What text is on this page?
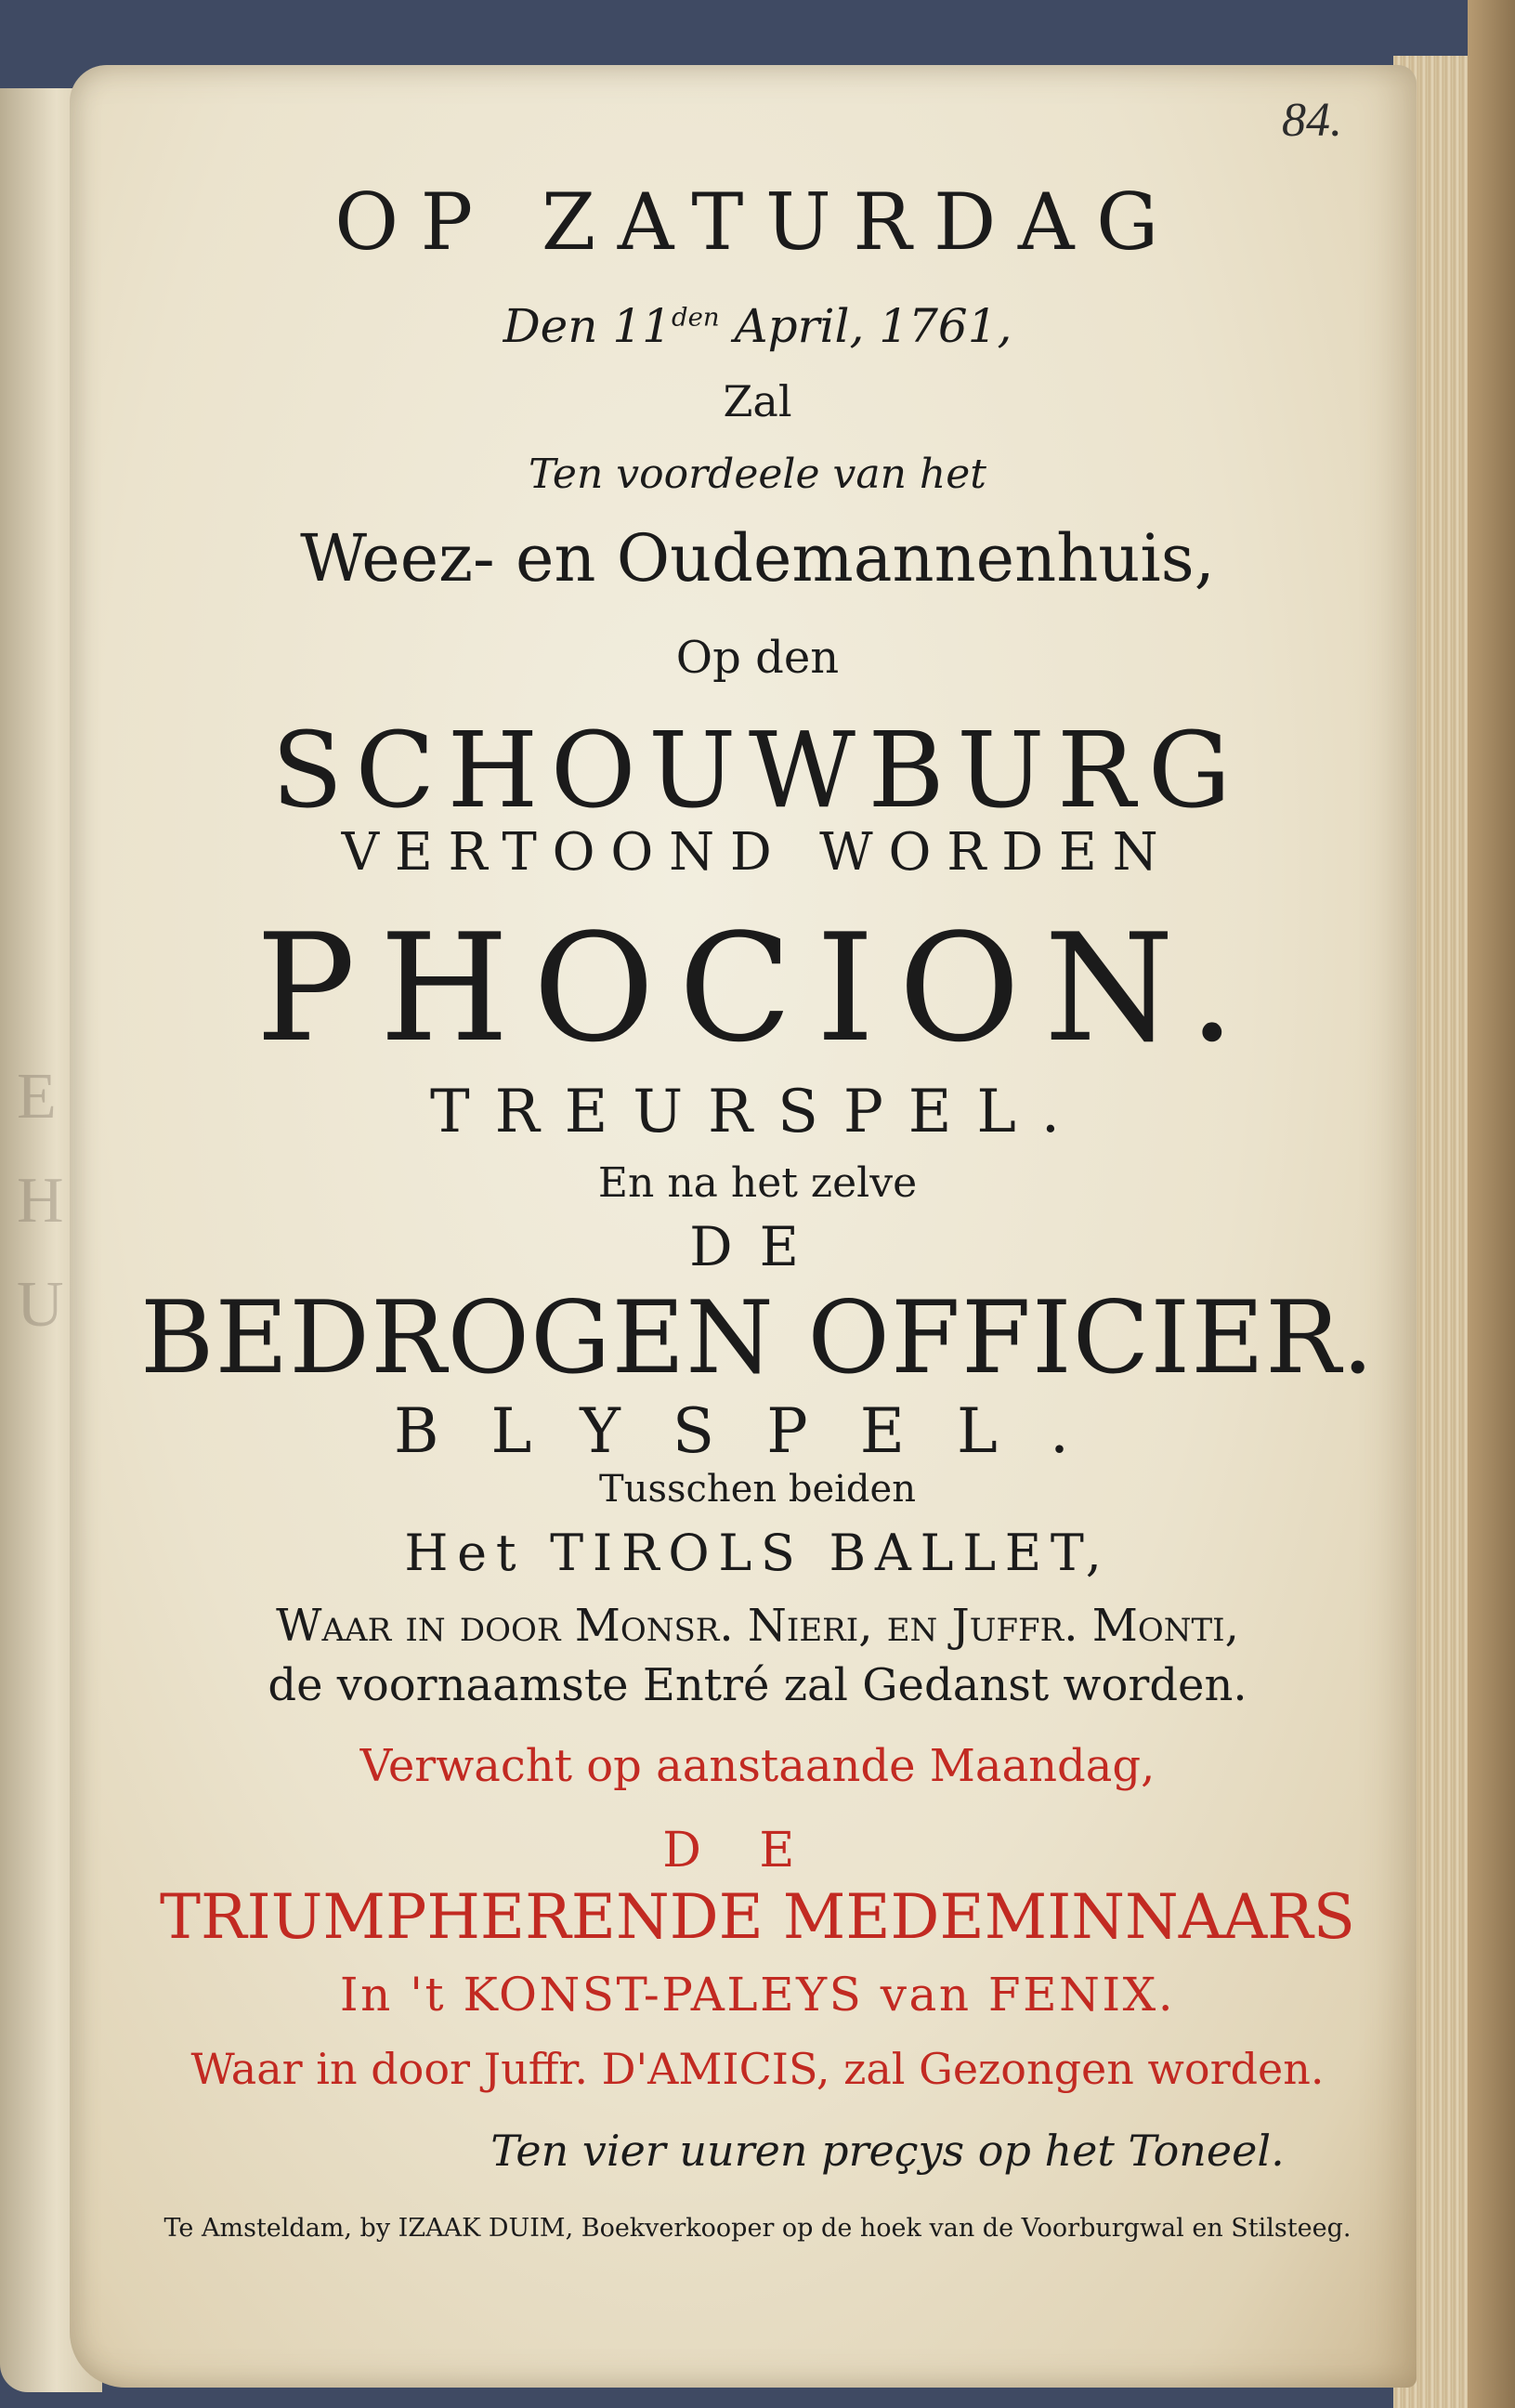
E
H
U
84.
OP ZATURDAG
Den $11^{den}$ April, 1761,
Zal
Ten voordeele van het
Weez- en Oudemannenhuis,
Op den
SCHOUWBURG
VERTOOND WORDEN
PHOCION.
TREURSPEL.
En na het zelve
DE
BEDROGEN OFFICIER.
BLYSPEL.
Tusschen beiden
Het TIROLS BALLET,
Waar in door Monsr. Nieri, en Juffr. Monti,
de voornaamste Entré zal Gedanst worden.
Verwacht op aanstaande Maandag,
DE
TRIUMPHERENDE MEDEMINNAARS
In 't KONST-PALEYS van FENIX.
Waar in door Juffr. D'AMICIS, zal Gezongen worden.
Ten vier uuren preçys op het Toneel.
Te Amsteldam, by IZAAK DUIM, Boekverkooper op de hoek van de Voorburgwal en Stilsteeg.
